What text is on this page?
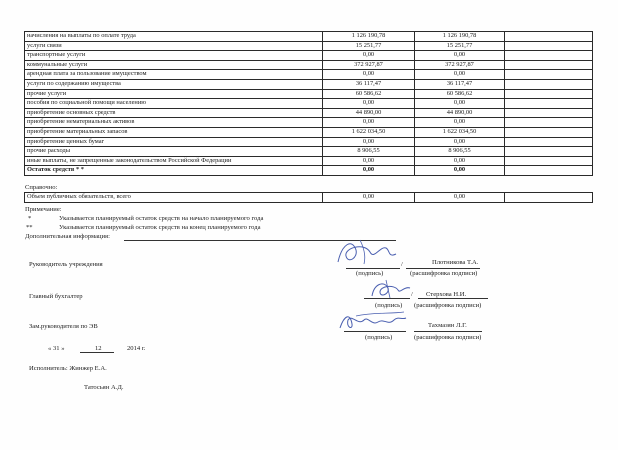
начисления на выплаты по оплате труда	1 126 190,78	1 126 190,78	
услуги связи	15 251,77	15 251,77	
транспортные услуги	0,00	0,00	
коммунальные услуги	372 927,87	372 927,87	
арендная плата за пользование имуществом	0,00	0,00	
услуги по содержанию имущества	36 117,47	36 117,47	
прочие услуги	60 586,62	60 586,62	
пособия по социальной помощи населению	0,00	0,00	
приобретение основных средств	44 890,00	44 890,00	
приобретение нематериальных активов	0,00	0,00	
приобретение материальных запасов	1 622 034,50	1 622 034,50	
приобретение ценных бумаг	0,00	0,00	
прочие расходы	8 906,55	8 906,55	
иные выплаты, не запрещенные законодательством Российской Федерации	0,00	0,00	
Остаток средств * *	0,00	0,00	
Справочно:
Объем публичных обязательств, всего	0,00	0,00	
Примечание:
*	Указывается планируемый остаток средств на начало планируемого года
**	Указывается планируемый остаток средств на конец планируемого года
Дополнительная информация:
Руководитель учреждения	/	Плотникова Т.А.
(подпись)	(расшифровка подписи)
Главный бухгалтер	/ Стерхова Н.И.
(подпись) (расшифровка подписи)
Зам.руководителя по ЭВ	Тахмазян Л.Г.
(подпись)	(расшифровка подписи)
« 31 »	12	2014 г.
Исполнитель: Жинжер Е.А.
Татосьян А.Д.
